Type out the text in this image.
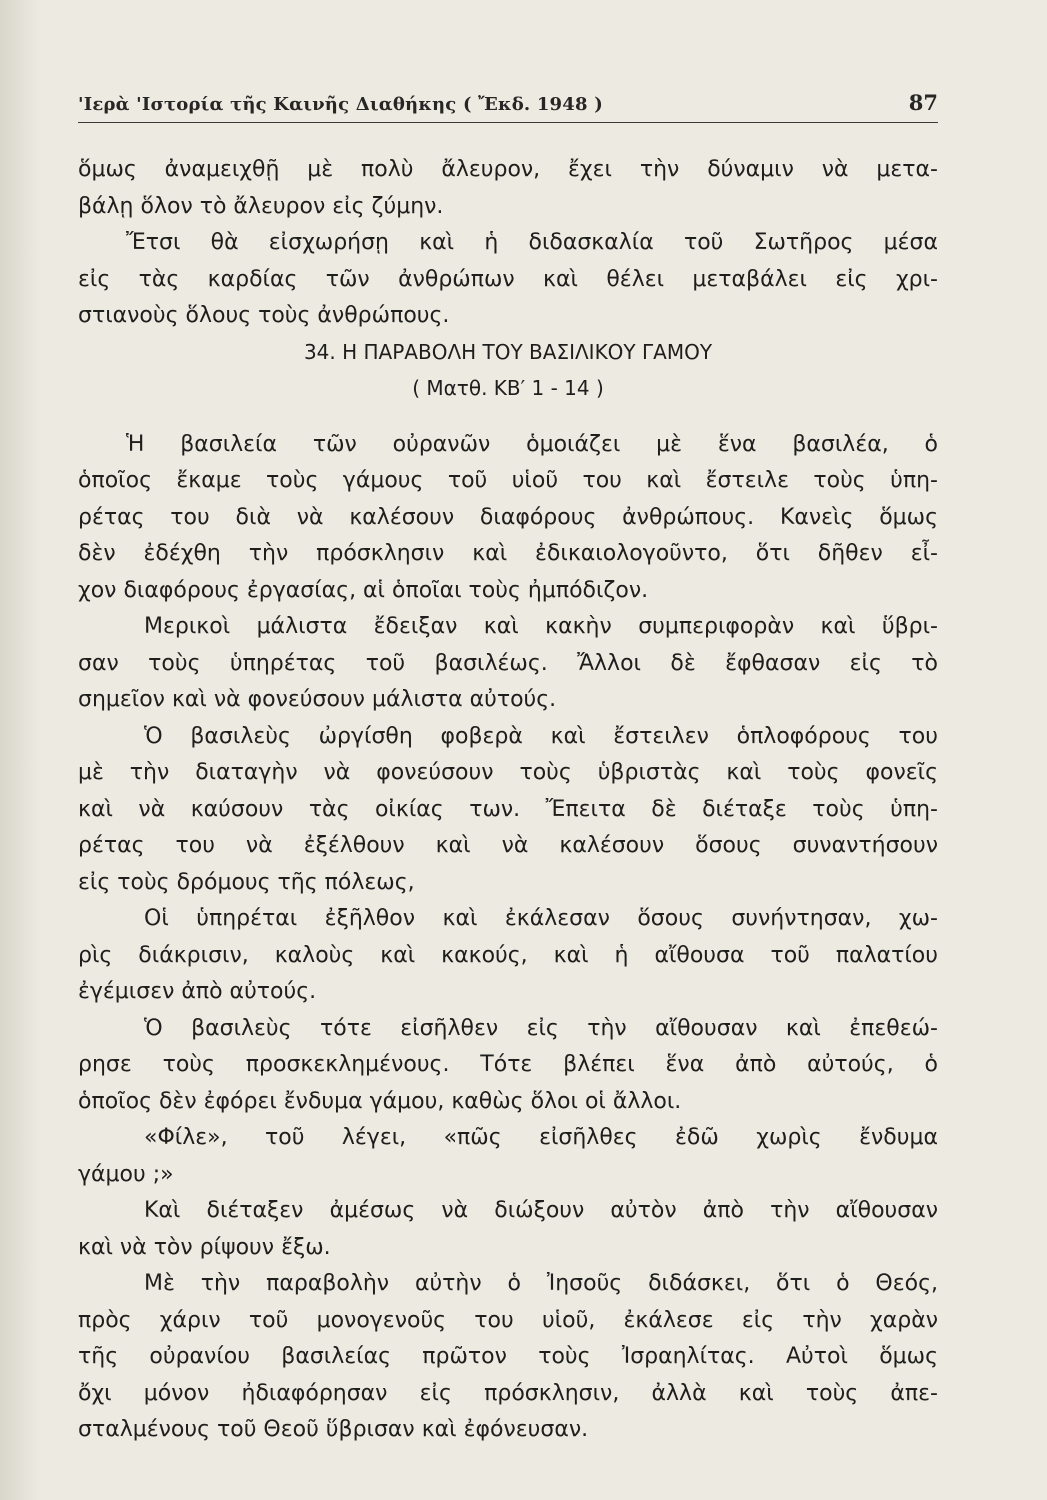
'Ιερὰ 'Ιστορία τῆς Καινῆς Διαθήκης ( Ἔκδ. 1948 )	87
ὅμως ἀναμειχθῇ μὲ πολὺ ἄλευρον, ἔχει τὴν δύναμιν νὰ μετα-
βάλῃ ὅλον τὸ ἄλευρον εἰς ζύμην.
Ἔτσι θὰ εἰσχωρήσῃ καὶ ἡ διδασκαλία τοῦ Σωτῆρος μέσα
εἰς τὰς καρδίας τῶν ἀνθρώπων καὶ θέλει μεταβάλει εἰς χρι-
στιανοὺς ὅλους τοὺς ἀνθρώπους.
34. Η ΠΑΡΑΒΟΛΗ ΤΟΥ ΒΑΣΙΛΙΚΟΥ ΓΑΜΟΥ
( Ματθ. ΚΒ′ 1 - 14 )
Ἡ βασιλεία τῶν οὐρανῶν ὁμοιάζει μὲ ἕνα βασιλέα, ὁ
ὁποῖος ἔκαμε τοὺς γάμους τοῦ υἱοῦ του καὶ ἔστειλε τοὺς ὑπη-
ρέτας του διὰ νὰ καλέσουν διαφόρους ἀνθρώπους. Κανεὶς ὅμως
δὲν ἐδέχθη τὴν πρόσκλησιν καὶ ἐδικαιολογοῦντο, ὅτι δῆθεν εἶ-
χον διαφόρους ἐργασίας, αἱ ὁποῖαι τοὺς ἠμπόδιζον.
Μερικοὶ μάλιστα ἔδειξαν καὶ κακὴν συμπεριφορὰν καὶ ὕβρι-
σαν τοὺς ὑπηρέτας τοῦ βασιλέως. Ἄλλοι δὲ ἔφθασαν εἰς τὸ
σημεῖον καὶ νὰ φονεύσουν μάλιστα αὐτούς.
Ὁ βασιλεὺς ὠργίσθη φοβερὰ καὶ ἔστειλεν ὁπλοφόρους του
μὲ τὴν διαταγὴν νὰ φονεύσουν τοὺς ὑβριστὰς καὶ τοὺς φονεῖς
καὶ νὰ καύσουν τὰς οἰκίας των. Ἔπειτα δὲ διέταξε τοὺς ὑπη-
ρέτας του νὰ ἐξέλθουν καὶ νὰ καλέσουν ὅσους συναντήσουν
εἰς τοὺς δρόμους τῆς πόλεως,
Οἱ ὑπηρέται ἐξῆλθον καὶ ἐκάλεσαν ὅσους συνήντησαν, χω-
ρὶς διάκρισιν, καλοὺς καὶ κακούς, καὶ ἡ αἴθουσα τοῦ παλατίου
ἐγέμισεν ἀπὸ αὐτούς.
Ὁ βασιλεὺς τότε εἰσῆλθεν εἰς τὴν αἴθουσαν καὶ ἐπεθεώ-
ρησε τοὺς προσκεκλημένους. Τότε βλέπει ἕνα ἀπὸ αὐτούς, ὁ
ὁποῖος δὲν ἐφόρει ἔνδυμα γάμου, καθὼς ὅλοι οἱ ἄλλοι.
«Φίλε», τοῦ λέγει, «πῶς εἰσῆλθες ἐδῶ χωρὶς ἔνδυμα
γάμου ;»
Καὶ διέταξεν ἀμέσως νὰ διώξουν αὐτὸν ἀπὸ τὴν αἴθουσαν
καὶ νὰ τὸν ρίψουν ἔξω.
Μὲ τὴν παραβολὴν αὐτὴν ὁ Ἰησοῦς διδάσκει, ὅτι ὁ Θεός,
πρὸς χάριν τοῦ μονογενοῦς του υἱοῦ, ἐκάλεσε εἰς τὴν χαρὰν
τῆς οὐρανίου βασιλείας πρῶτον τοὺς Ἰσραηλίτας. Αὐτοὶ ὅμως
ὄχι μόνον ἠδιαφόρησαν εἰς πρόσκλησιν, ἀλλὰ καὶ τοὺς ἀπε-
σταλμένους τοῦ Θεοῦ ὕβρισαν καὶ ἐφόνευσαν.
